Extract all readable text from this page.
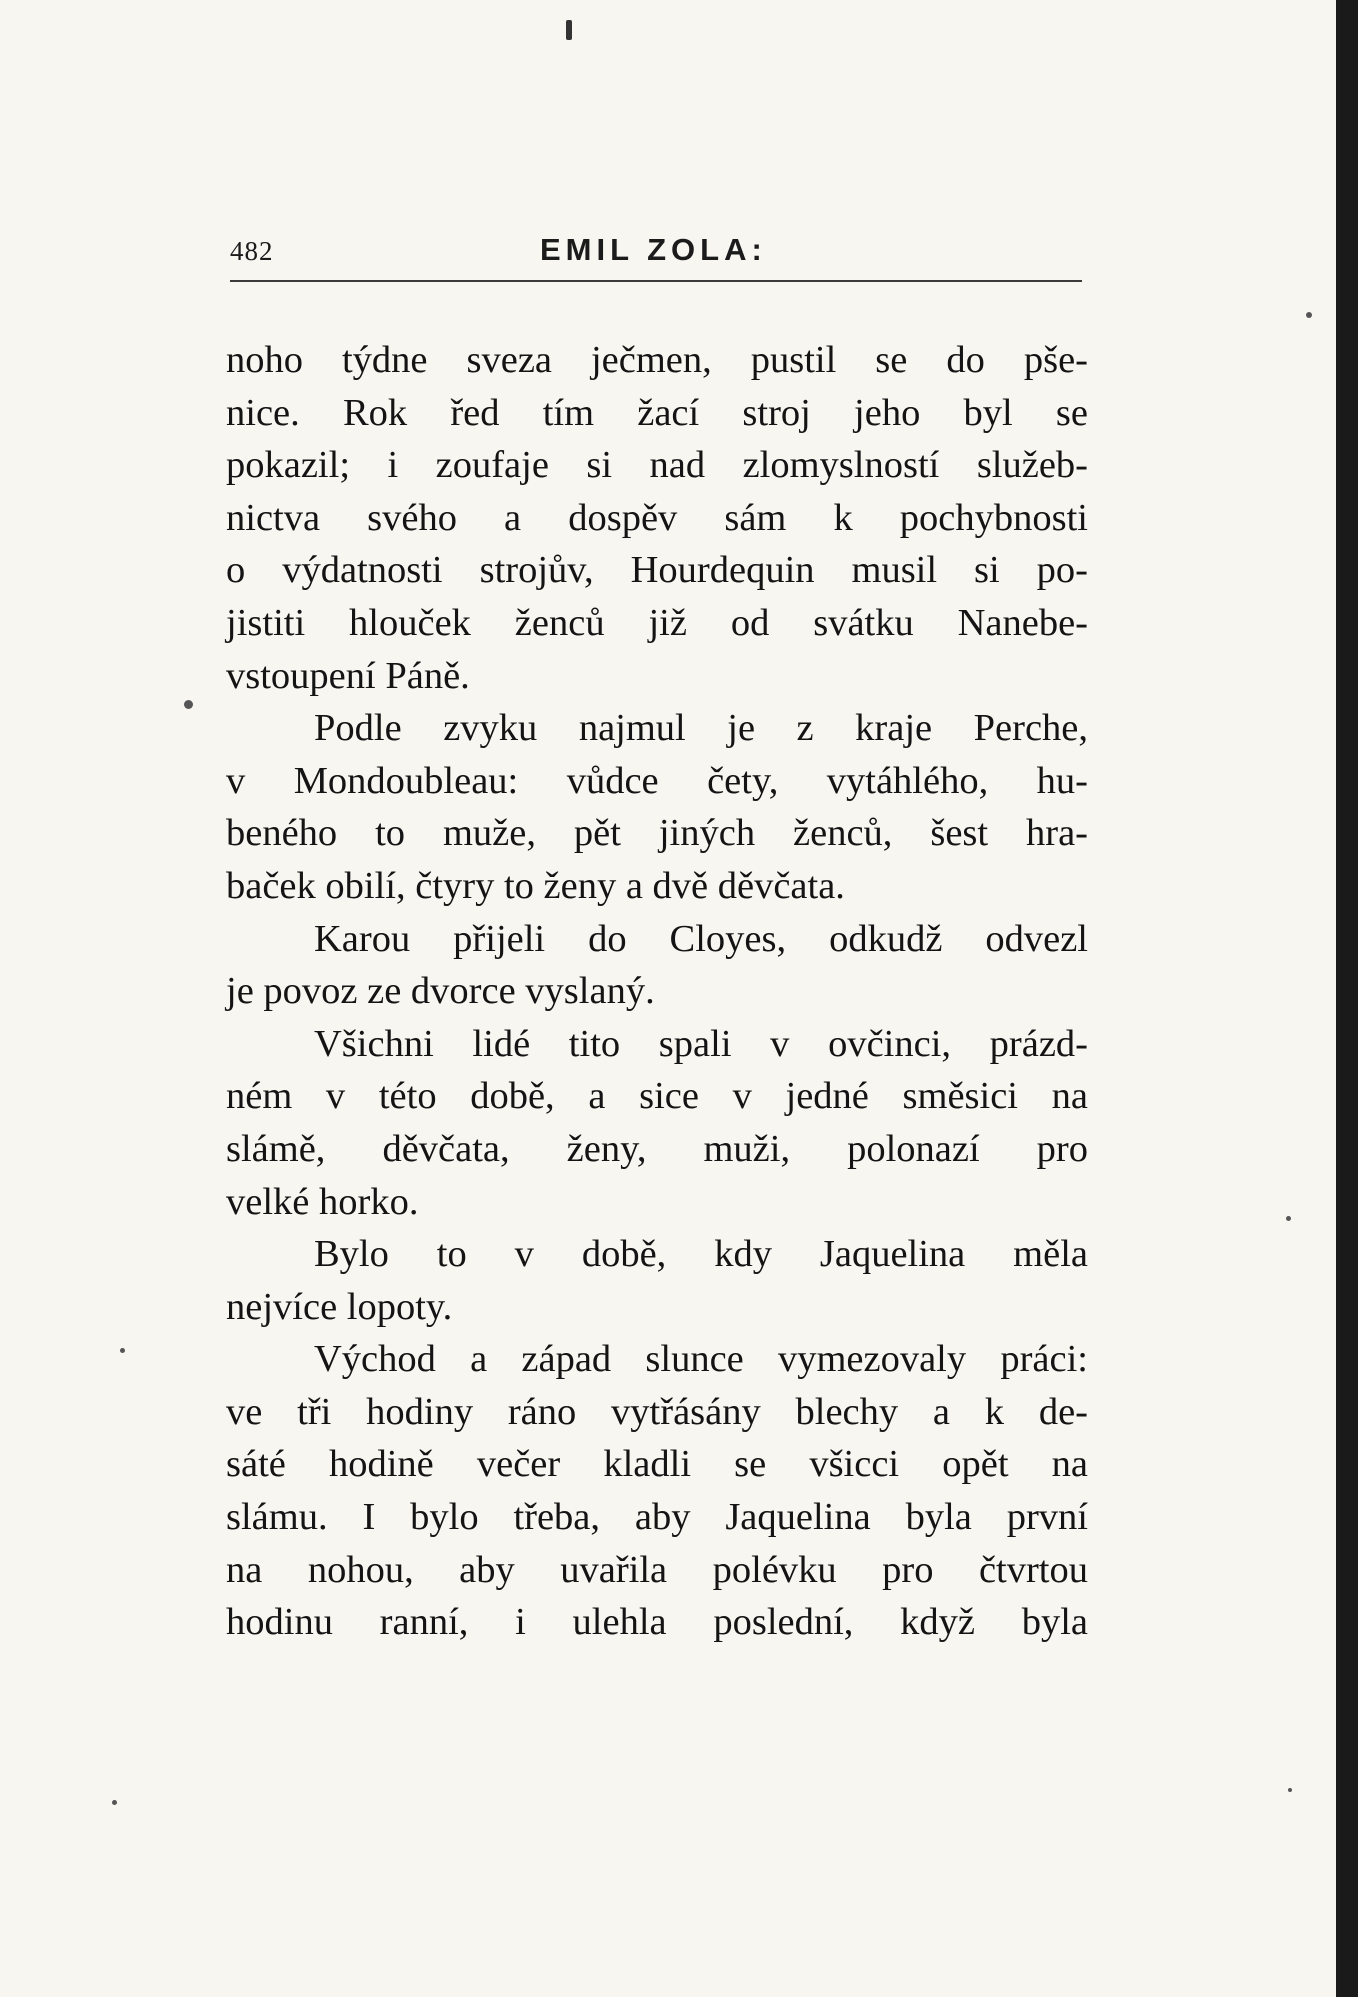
482	EMIL ZOLA:
noho týdne sveza ječmen, pustil se do pše-
nice. Rok řed tím žací stroj jeho byl se
pokazil; i zoufaje si nad zlomyslností služeb-
nictva svého a dospěv sám k pochybnosti
o výdatnosti strojův, Hourdequin musil si po-
jistiti hlouček ženců již od svátku Nanebe-
vstoupení Páně.
Podle zvyku najmul je z kraje Perche,
v Mondoubleau: vůdce čety, vytáhlého, hu-
beného to muže, pět jiných ženců, šest hra-
baček obilí, čtyry to ženy a dvě děvčata.
Karou přijeli do Cloyes, odkudž odvezl
je povoz ze dvorce vyslaný.
Všichni lidé tito spali v ovčinci, prázd-
ném v této době, a sice v jedné směsici na
slámě, děvčata, ženy, muži, polonazí pro
velké horko.
Bylo to v době, kdy Jaquelina měla
nejvíce lopoty.
Východ a západ slunce vymezovaly práci:
ve tři hodiny ráno vytřásány blechy a k de-
sáté hodině večer kladli se všicci opět na
slámu. I bylo třeba, aby Jaquelina byla první
na nohou, aby uvařila polévku pro čtvrtou
hodinu ranní, i ulehla poslední, když byla
